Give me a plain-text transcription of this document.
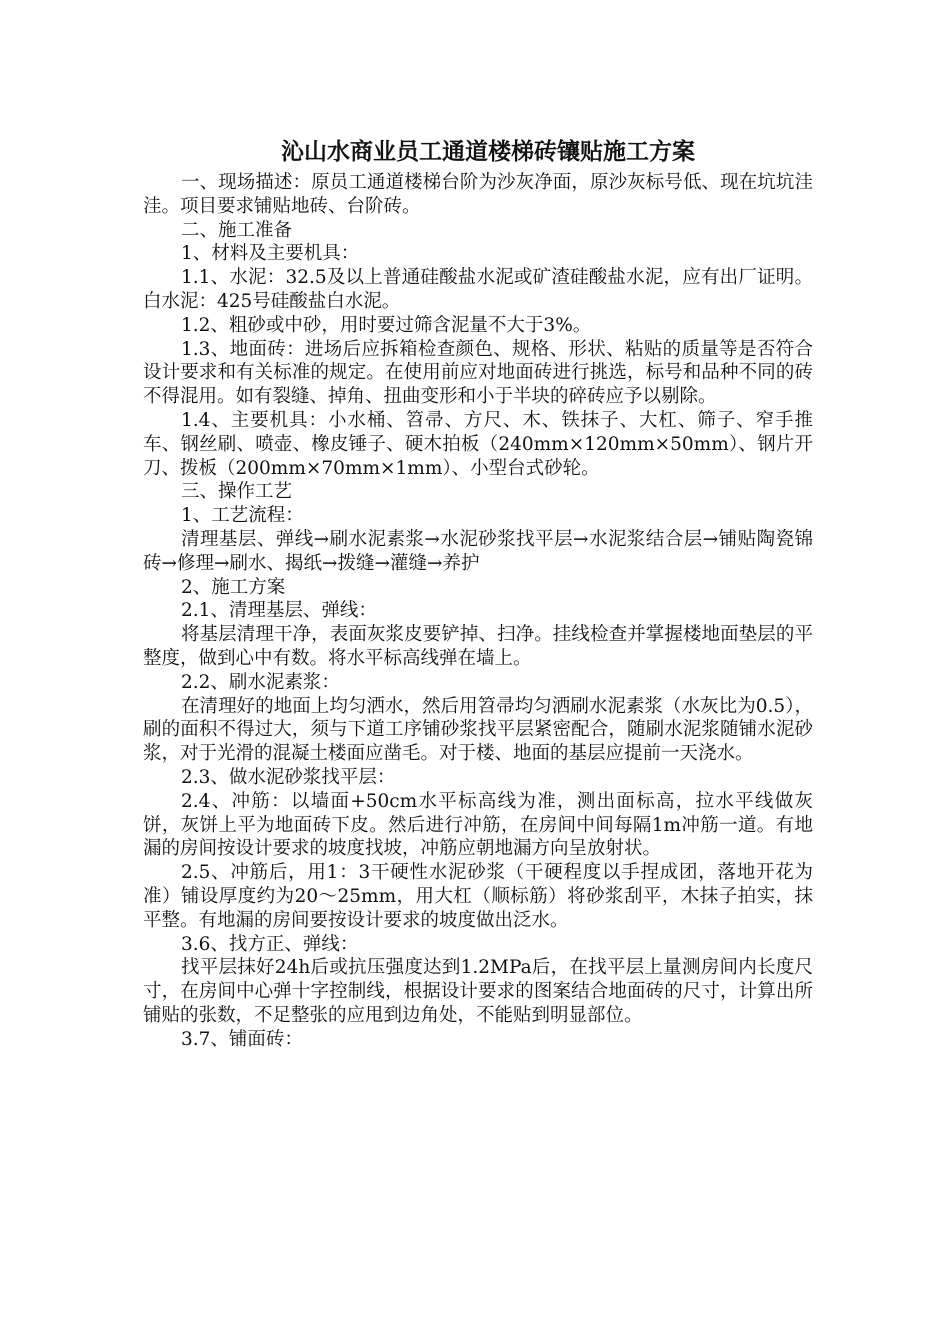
沁山水商业员工通道楼梯砖镶贴施工方案

一、现场描述：原员工通道楼梯台阶为沙灰净面，原沙灰标号低、现在坑坑洼洼。项目要求铺贴地砖、台阶砖。

二、施工准备

1、材料及主要机具：

1.1、水泥：32.5及以上普通硅酸盐水泥或矿渣硅酸盐水泥，应有出厂证明。 白水泥：425号硅酸盐白水泥。

1.2、粗砂或中砂，用时要过筛含泥量不大于3%。

1.3、地面砖：进场后应拆箱检查颜色、规格、形状、粘贴的质量等是否符合设计要求和有关标准的规定。在使用前应对地面砖进行挑选，标号和品种不同的砖不得混用。如有裂缝、掉角、扭曲变形和小于半块的碎砖应予以剔除。

1.4、主要机具：小水桶、笤帚、方尺、木、铁抹子、大杠、筛子、窄手推车、钢丝刷、喷壶、橡皮锤子、硬木拍板（240mm×120mm×50mm）、钢片开刀、拨板（200mm×70mm×1mm）、小型台式砂轮。

三、操作工艺

1、工艺流程：

清理基层、弹线→刷水泥素浆→水泥砂浆找平层→水泥浆结合层→铺贴陶瓷锦砖→修理→刷水、揭纸→拨缝→灌缝→养护

2、施工方案

2.1、清理基层、弹线：

将基层清理干净，表面灰浆皮要铲掉、扫净。挂线检查并掌握楼地面垫层的平整度，做到心中有数。将水平标高线弹在墙上。

2.2、刷水泥素浆：

在清理好的地面上均匀洒水，然后用笤帚均匀洒刷水泥素浆（水灰比为0.5），刷的面积不得过大，须与下道工序铺砂浆找平层紧密配合，随刷水泥浆随铺水泥砂浆，对于光滑的混凝土楼面应凿毛。对于楼、地面的基层应提前一天浇水。

2.3、做水泥砂浆找平层：

2.4、冲筋：以墙面+50cm水平标高线为准，测出面标高，拉水平线做灰饼，灰饼上平为地面砖下皮。然后进行冲筋，在房间中间每隔1m冲筋一道。有地漏的房间按设计要求的坡度找坡，冲筋应朝地漏方向呈放射状。

2.5、冲筋后，用1：3干硬性水泥砂浆（干硬程度以手捏成团，落地开花为准）铺设厚度约为20～25mm，用大杠（顺标筋）将砂浆刮平，木抹子拍实，抹平整。有地漏的房间要按设计要求的坡度做出泛水。

3.6、找方正、弹线：

找平层抹好24h后或抗压强度达到1.2MPa后，在找平层上量测房间内长度尺寸，在房间中心弹十字控制线，根据设计要求的图案结合地面砖的尺寸，计算出所铺贴的张数，不足整张的应甩到边角处，不能贴到明显部位。

3.7、铺面砖：
